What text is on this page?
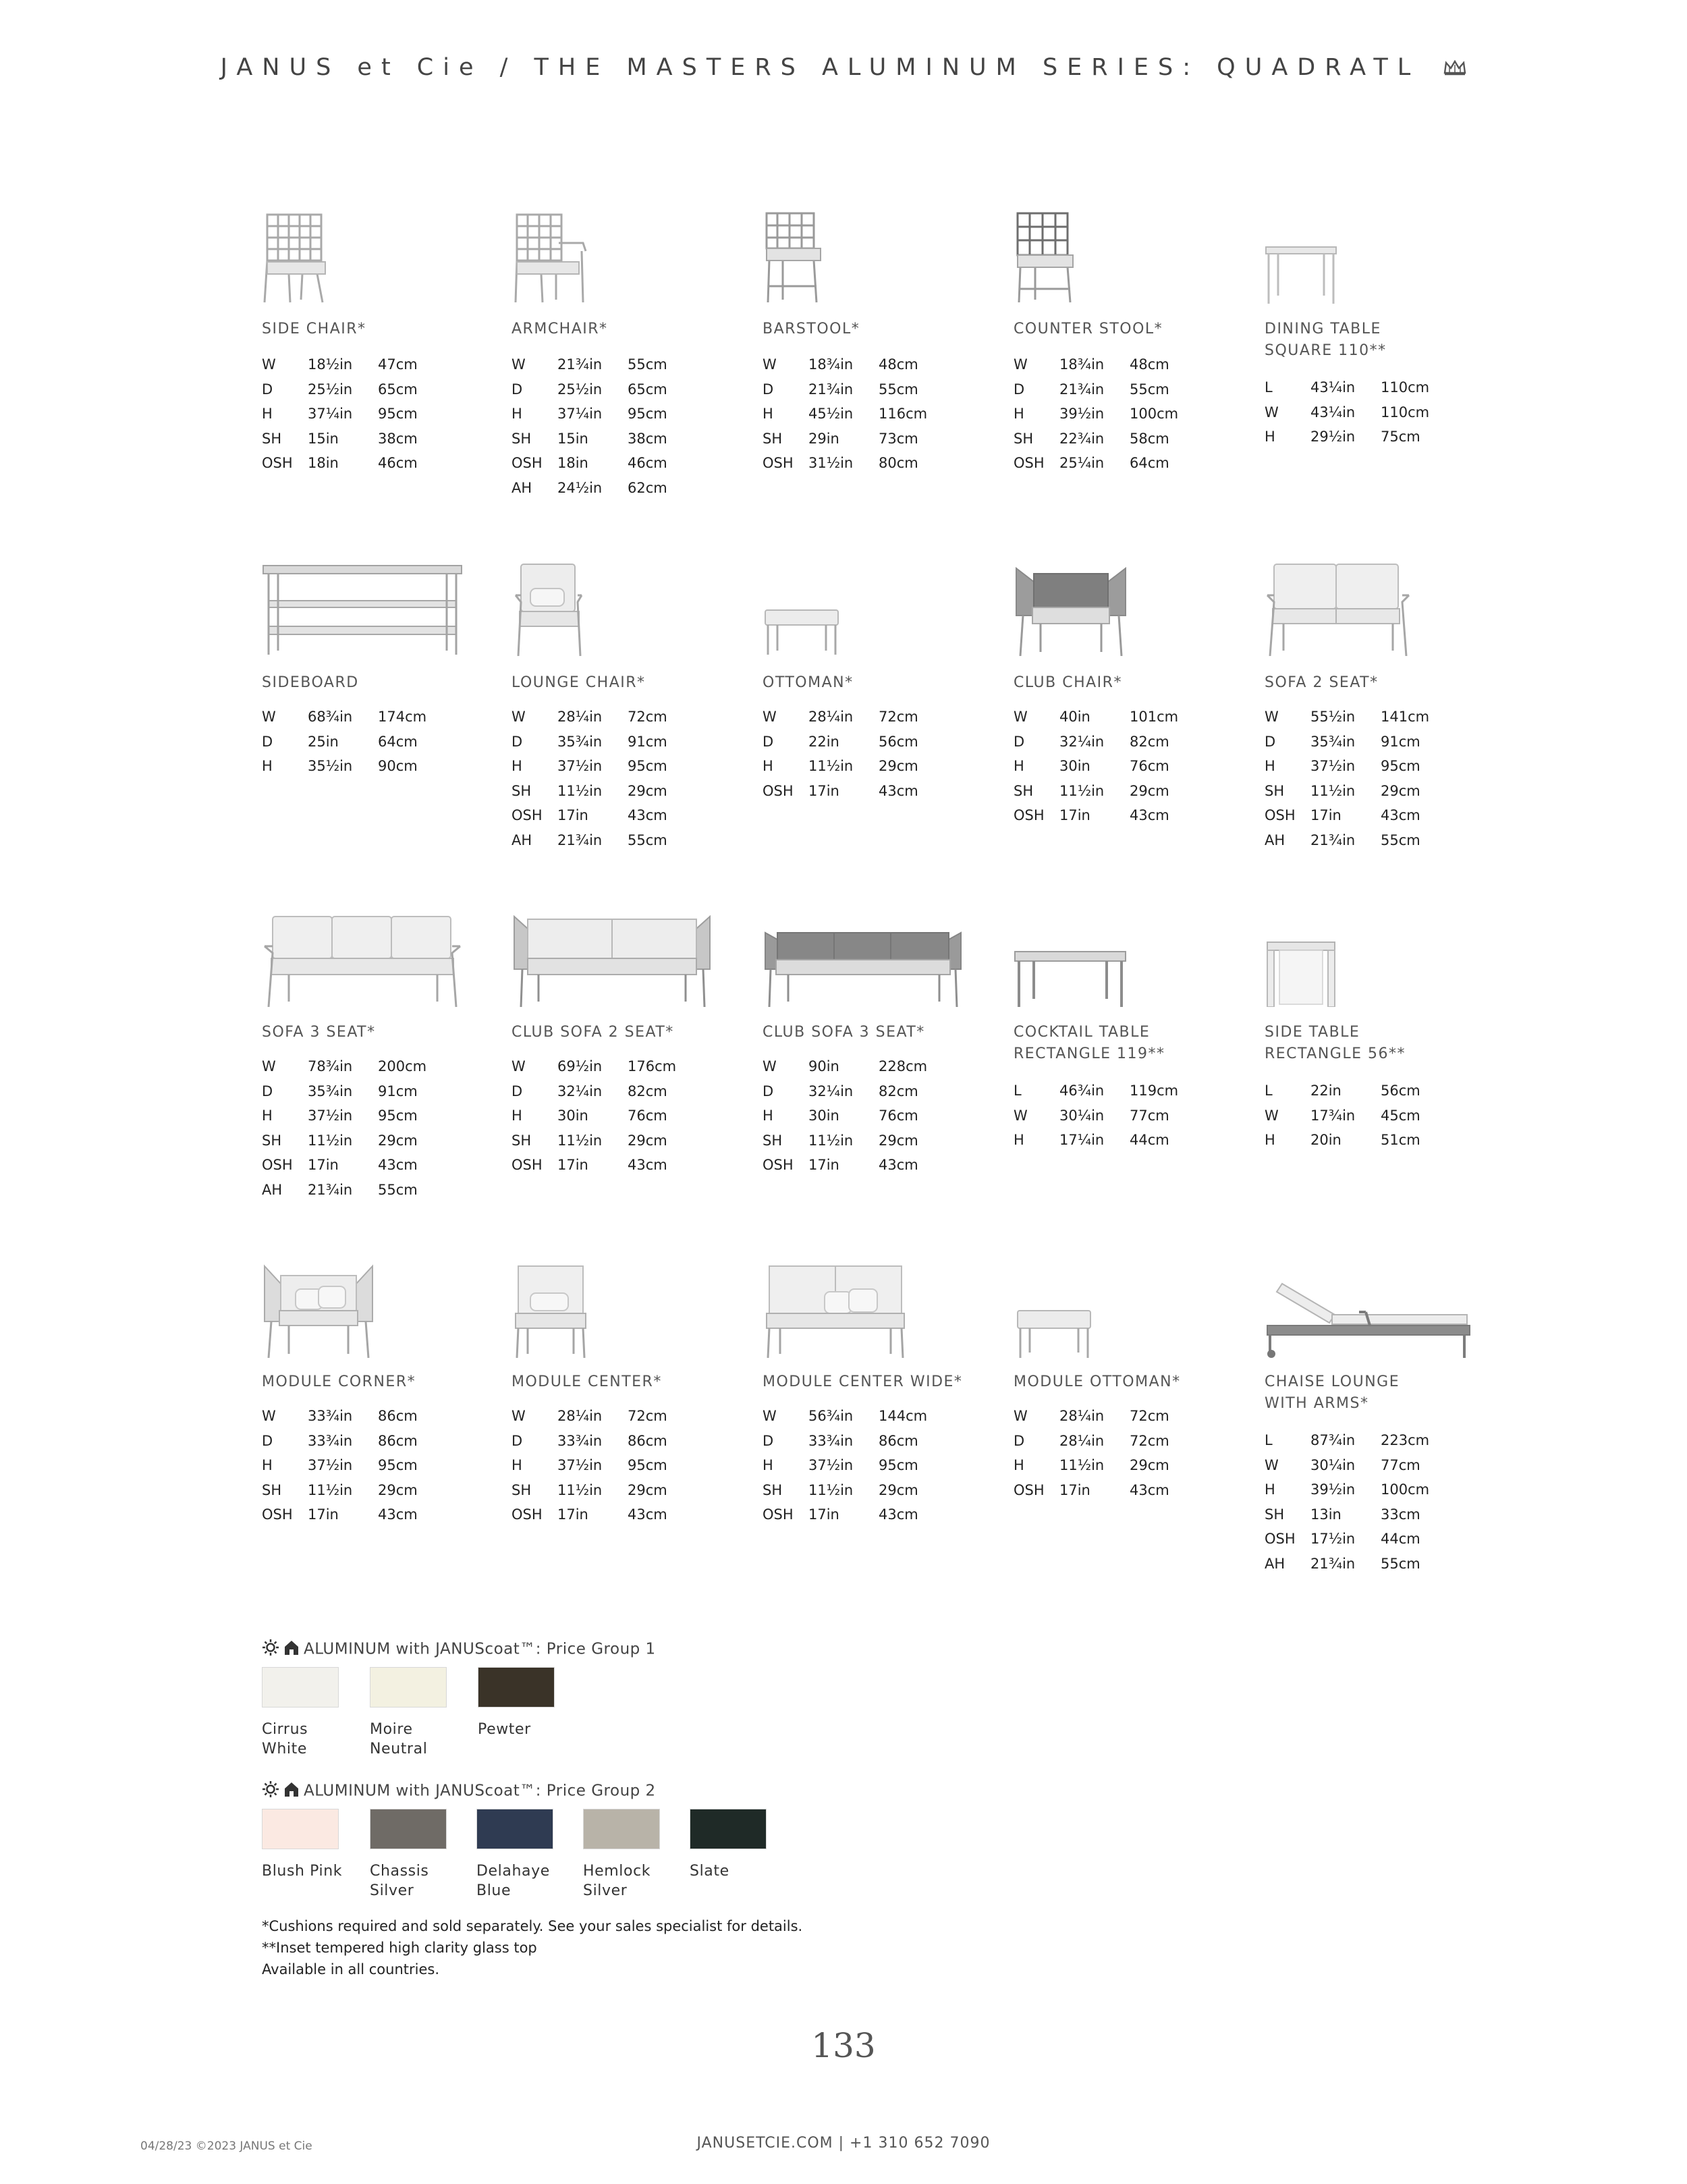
JANUS et Cie / THE MASTERS ALUMINUM SERIES: QUADRATL
SIDE CHAIR*
W 18½in 47cm
D 25½in 65cm
H 37¼in 95cm
SH 15in	38cm
OSH 18in	46cm
ARMCHAIR*
W 21¾in 55cm
D 25½in 65cm
H 37¼in 95cm
SH 15in	38cm
OSH 18in	46cm
AH 24½in 62cm
BARSTOOL*
W 18¾in 48cm
D 21¾in 55cm
H 45½in 116cm
SH 29in	73cm
OSH 31½in 80cm
COUNTER STOOL*
W 18¾in 48cm
D 21¾in 55cm
H 39½in 100cm
SH 22¾in 58cm
OSH 25¼in 64cm
DINING TABLE
SQUARE 110**
L	43¼in 110cm
W 43¼in 110cm
H 29½in 75cm
SIDEBOARD
W 68¾in 174cm
D 25in	64cm
H 35½in 90cm
LOUNGE CHAIR*
W 28¼in 72cm
D 35¾in 91cm
H 37½in 95cm
SH 11½in 29cm
OSH 17in	43cm
AH 21¾in 55cm
OTTOMAN*
W 28¼in 72cm
D 22in	56cm
H 11½in 29cm
OSH 17in	43cm
CLUB CHAIR*
W 40in	101cm
D 32¼in 82cm
H 30in	76cm
SH 11½in 29cm
OSH 17in	43cm
SOFA 2 SEAT*
W 55½in 141cm
D 35¾in 91cm
H 37½in 95cm
SH 11½in 29cm
OSH 17in	43cm
AH 21¾in 55cm
SOFA 3 SEAT*
W 78¾in 200cm
D 35¾in 91cm
H 37½in 95cm
SH 11½in 29cm
OSH 17in	43cm
AH 21¾in 55cm
CLUB SOFA 2 SEAT*
W 69½in 176cm
D 32¼in 82cm
H 30in	76cm
SH 11½in 29cm
OSH 17in	43cm
CLUB SOFA 3 SEAT*
W 90in	228cm
D 32¼in 82cm
H 30in	76cm
SH 11½in 29cm
OSH 17in	43cm
COCKTAIL TABLE
RECTANGLE 119**
L	46¾in 119cm
W 30¼in 77cm
H 17¼in 44cm
SIDE TABLE
RECTANGLE 56**
L	22in	56cm
W 17¾in 45cm
H 20in	51cm
MODULE CORNER*
W 33¾in 86cm
D 33¾in 86cm
H 37½in 95cm
SH 11½in 29cm
OSH 17in	43cm
MODULE CENTER*
W 28¼in 72cm
D 33¾in 86cm
H 37½in 95cm
SH 11½in 29cm
OSH 17in	43cm
MODULE CENTER WIDE*
W 56¾in 144cm
D 33¾in 86cm
H 37½in 95cm
SH 11½in 29cm
OSH 17in	43cm
MODULE OTTOMAN*
W 28¼in 72cm
D 28¼in 72cm
H 11½in 29cm
OSH 17in	43cm
CHAISE LOUNGE
WITH ARMS*
L	87¾in 223cm
W 30¼in 77cm
H 39½in 100cm
SH 13in	33cm
OSH 17½in 44cm
AH 21¾in 55cm
ALUMINUM with JANUScoat™: Price Group 1
Cirrus
White
Moire
Neutral
Pewter
ALUMINUM with JANUScoat™: Price Group 2
Blush Pink Chassis
Silver
Delahaye
Blue
Hemlock
Silver
Slate
*Cushions required and sold separately. See your sales specialist for details.
**Inset tempered high clarity glass top
Available in all countries.
133
04/28/23 ©2023 JANUS et Cie	JANUSETCIE.COM | +1 310 652 7090
